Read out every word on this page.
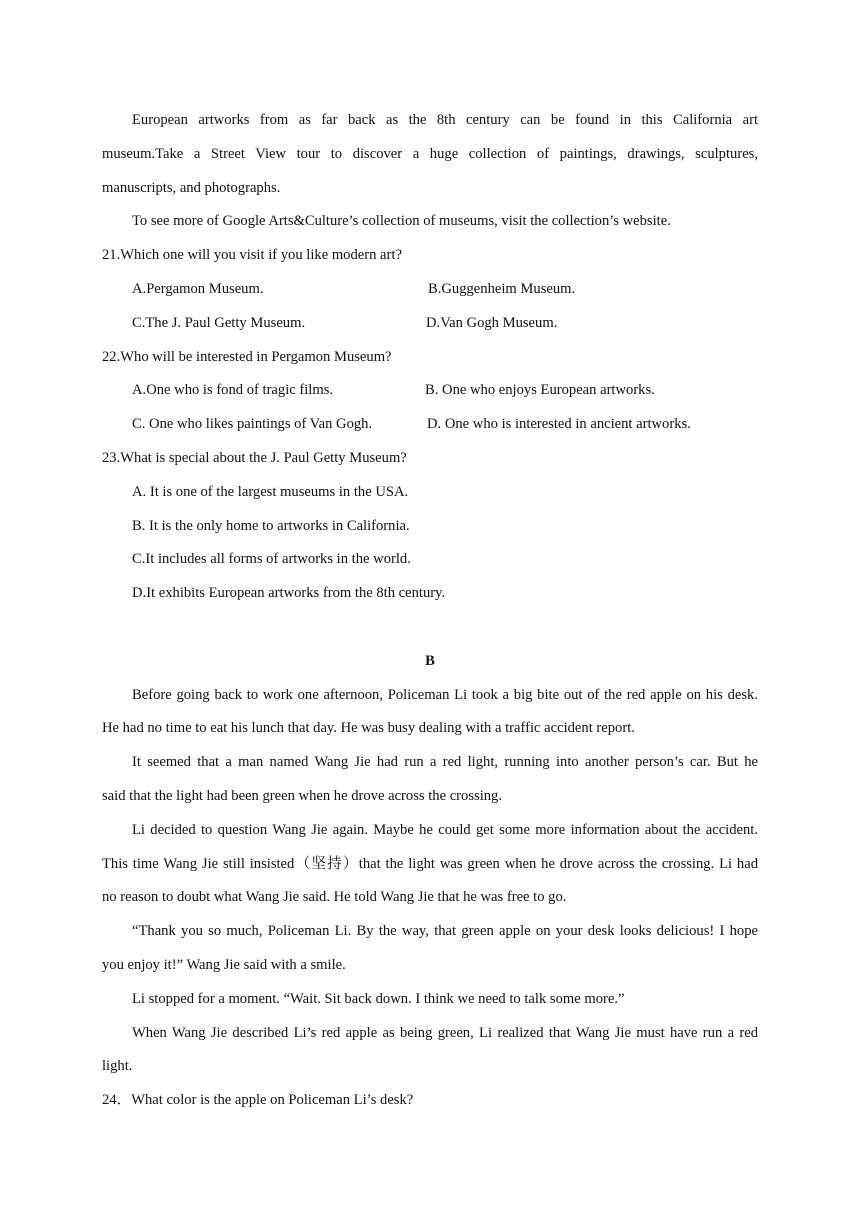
European artworks from as far back as the 8th century can be found in this California art
museum.Take a Street View tour to discover a huge collection of paintings, drawings, sculptures,
manuscripts, and photographs.
To see more of Google Arts&Culture’s collection of museums, visit the collection’s website.
21.Which one will you visit if you like modern art?
A.Pergamon Museum.	B.Guggenheim Museum.
C.The J. Paul Getty Museum.	D.Van Gogh Museum.
22.Who will be interested in Pergamon Museum?
A.One who is fond of tragic films.	B. One who enjoys European artworks.
C. One who likes paintings of Van Gogh.	D. One who is interested in ancient artworks.
23.What is special about the J. Paul Getty Museum?
A. It is one of the largest museums in the USA.
B. It is the only home to artworks in California.
C.It includes all forms of artworks in the world.
D.It exhibits European artworks from the 8th century.
B
Before going back to work one afternoon, Policeman Li took a big bite out of the red apple on his desk.
He had no time to eat his lunch that day. He was busy dealing with a traffic accident report.
It seemed that a man named Wang Jie had run a red light, running into another person’s car. But he
said that the light had been green when he drove across the crossing.
Li decided to question Wang Jie again. Maybe he could get some more information about the accident.
This time Wang Jie still insisted（坚持）that the light was green when he drove across the crossing. Li had
no reason to doubt what Wang Jie said. He told Wang Jie that he was free to go.
“Thank you so much, Policeman Li. By the way, that green apple on your desk looks delicious! I hope
you enjoy it!” Wang Jie said with a smile.
Li stopped for a moment. “Wait. Sit back down. I think we need to talk some more.”
When Wang Jie described Li’s red apple as being green, Li realized that Wang Jie must have run a red
light.
24．What color is the apple on Policeman Li’s desk?
